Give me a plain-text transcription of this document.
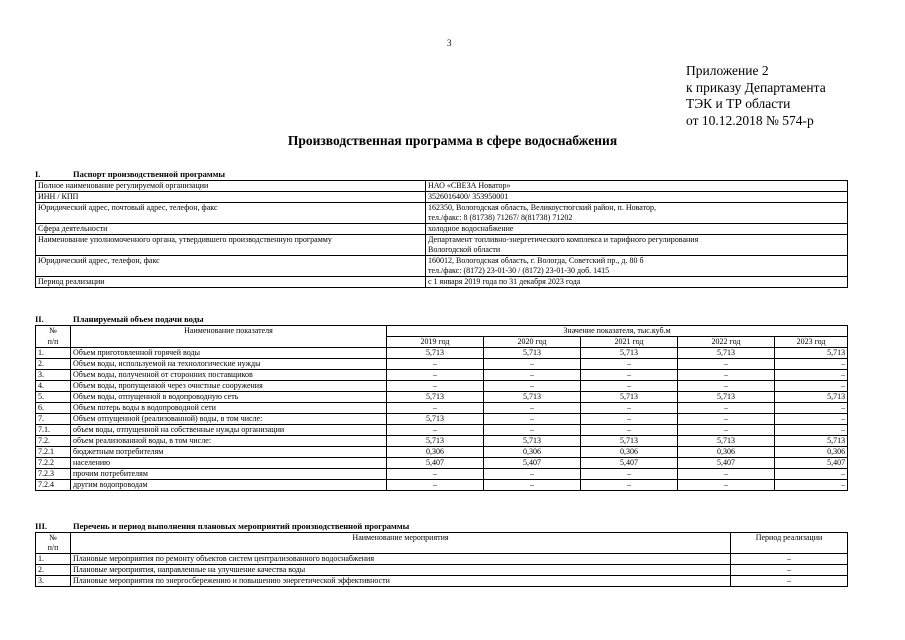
3
Приложение 2
к приказу Департамента
ТЭК и ТР области
от 10.12.2018 № 574-р
Производственная программа в сфере водоснабжения
I.	Паспорт производственной программы
Полное наименование регулируемой организации	НАО «СВЕЗА Новатор»

ИНН / КПП	3526016400/ 353950001

Юридический адрес, почтовый адрес, телефон, факс	162350, Вологодская область, Великоустюгский район, п. Новатор,
тел./факс: 8 (81738) 71267/ 8(81738) 71202

Сфера деятельности	холодное водоснабжение

Наименование уполномоченного органа, утвердившего производственную программу	Департамент топливно-энергетического комплекса и тарифного регулирования
Вологодской области

Юридический адрес, телефон, факс	160012, Вологодская область, г. Вологда, Советский пр., д. 80 б
тел./факс: (8172) 23-01-30 / (8172) 23-01-30 доб. 1415

Период реализации	с 1 января 2019 года по 31 декабря 2023 года
II.	Планируемый объем подачи воды
№	Наименование показателя	Значение показателя, тыс.куб.м				
п/п		2019 год	2020 год	2021 год	2022 год	2023 год
1.	Объем приготовленной горячей воды	5,713	5,713	5,713	5,713	5,713
2.	Объем воды, используемой на технологические нужды	–	–	–	–	–
3.	Объем воды, полученной от сторонних поставщиков	–	–	–	–	–
4.	Объем воды, пропущенной через очистные сооружения	–	–	–	–	–
5.	Объем воды, отпущенной в водопроводную сеть	5,713	5,713	5,713	5,713	5,713
6.	Объем потерь воды в водопроводной сети	–	–	–	–	–
7.	Объем отпущенной (реализованной) воды, в том числе:	5,713	–	–	–	–
7.1.	объем воды, отпущенной на собственные нужды организации	–	–	–	–	–
7.2.	объем реализованной воды, в том числе:	5,713	5,713	5,713	5,713	5,713
7.2.1	бюджетным потребителям	0,306	0,306	0,306	0,306	0,306
7.2.2	населению	5,407	5,407	5,407	5,407	5,407
7.2.3	прочим потребителям	–	–	–	–	–
7.2.4	другим водопроводам	–	–	–	–	–
III.	Перечень и период выполнения плановых мероприятий производственной программы
№	Наименование мероприятия	Период реализации
п/п		
1.	Плановые мероприятия по ремонту объектов систем централизованного водоснабжения	–
2.	Плановые мероприятия, направленные на улучшение качества воды	–
3.	Плановые мероприятия по энергосбережению и повышению энергетической эффективности	–
